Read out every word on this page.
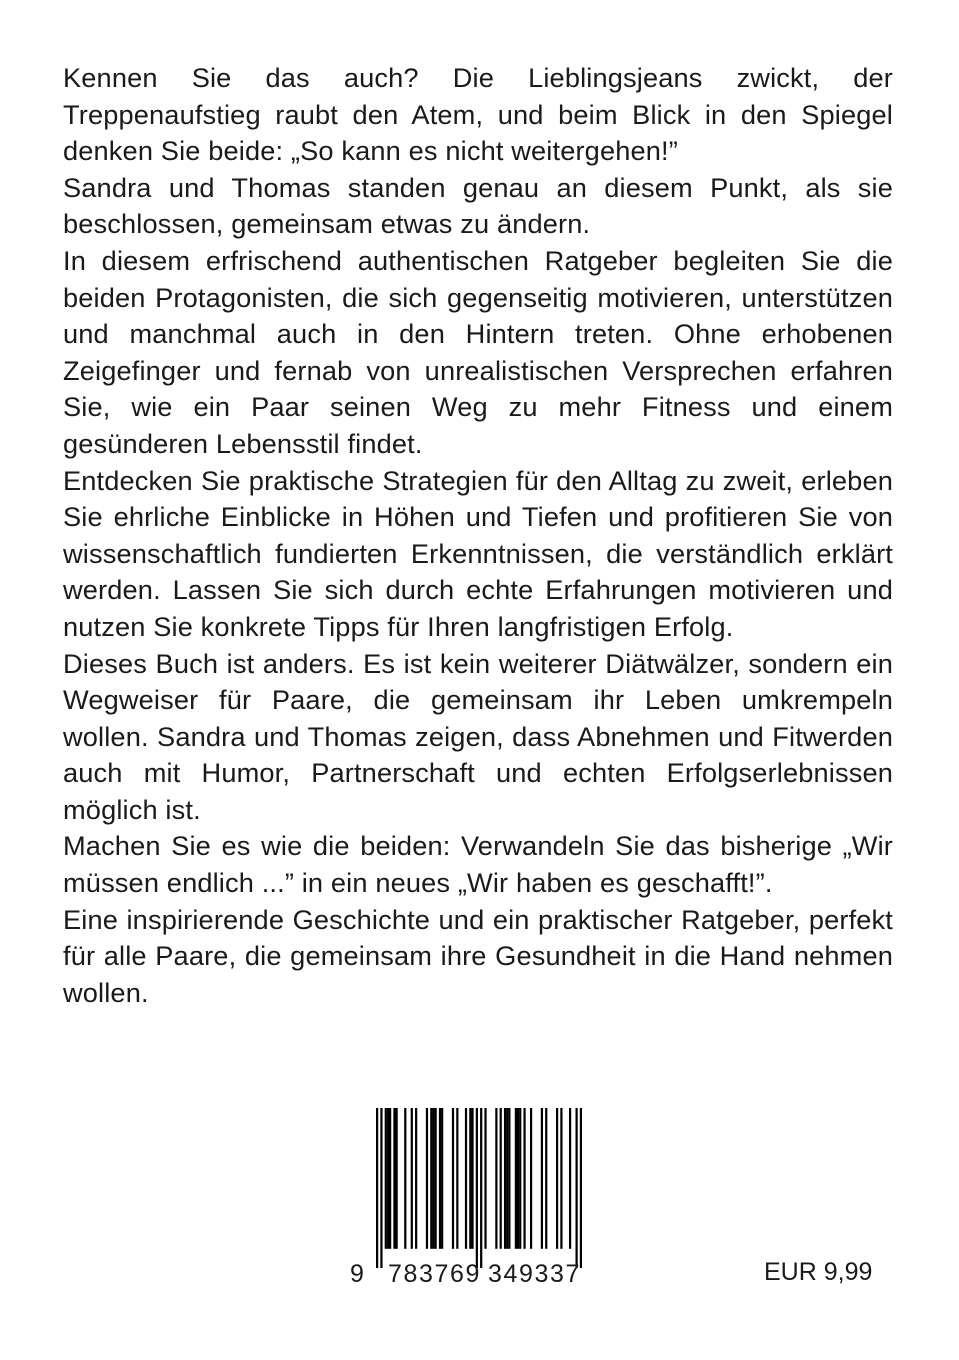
Kennen Sie das auch? Die Lieblingsjeans zwickt, der Treppenaufstieg raubt den Atem, und beim Blick in den Spiegel denken Sie beide: „So kann es nicht weitergehen!”

Sandra und Thomas standen genau an diesem Punkt, als sie beschlossen, gemeinsam etwas zu ändern.

In diesem erfrischend authentischen Ratgeber begleiten Sie die beiden Protagonisten, die sich gegenseitig motivieren, unterstützen und manchmal auch in den Hintern treten. Ohne erhobenen Zeigefinger und fernab von unrealistischen Versprechen erfahren Sie, wie ein Paar seinen Weg zu mehr Fitness und einem gesünderen Lebensstil findet.

Entdecken Sie praktische Strategien für den Alltag zu zweit, erleben Sie ehrliche Einblicke in Höhen und Tiefen und profitieren Sie von wissenschaftlich fundierten Erkenntnissen, die verständlich erklärt werden. Lassen Sie sich durch echte Erfahrungen motivieren und nutzen Sie konkrete Tipps für Ihren langfristigen Erfolg.

Dieses Buch ist anders. Es ist kein weiterer Diätwälzer, sondern ein Wegweiser für Paare, die gemeinsam ihr Leben umkrempeln wollen. Sandra und Thomas zeigen, dass Abnehmen und Fitwerden auch mit Humor, Partnerschaft und echten Erfolgserlebnissen möglich ist.

Machen Sie es wie die beiden: Verwandeln Sie das bisherige „Wir müssen endlich ...” in ein neues „Wir haben es geschafft!”.

Eine inspirierende Geschichte und ein praktischer Ratgeber, perfekt für alle Paare, die gemeinsam ihre Gesundheit in die Hand nehmen wollen.

9 783769 349337	EUR 9,99
